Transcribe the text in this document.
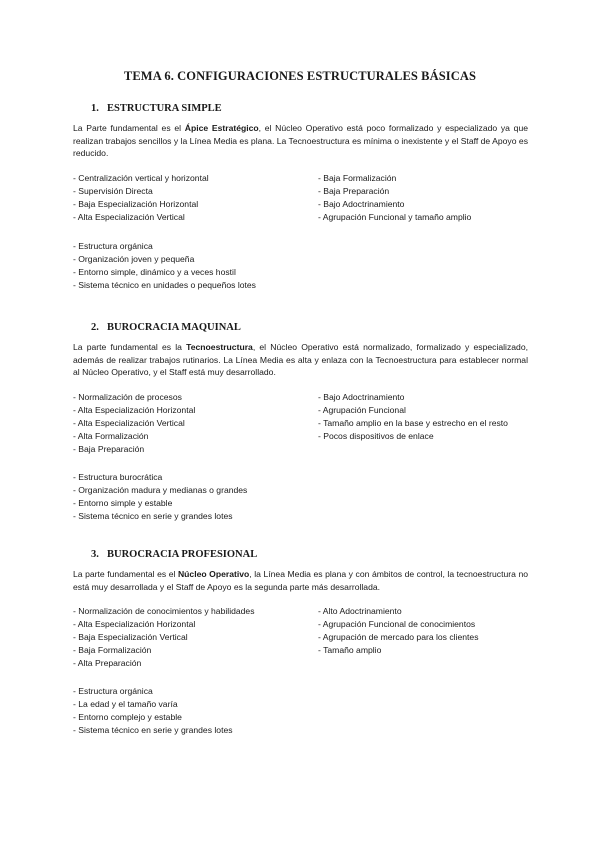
TEMA 6. CONFIGURACIONES ESTRUCTURALES BÁSICAS
1. ESTRUCTURA SIMPLE

La Parte fundamental es el Ápice Estratégico, el Núcleo Operativo está poco formalizado y especializado ya que realizan trabajos sencillos y la Línea Media es plana. La Tecnoestructura es mínima o inexistente y el Staff de Apoyo es reducido.

- Centralización vertical y horizontal
- Supervisión Directa
- Baja Especialización Horizontal
- Alta Especialización Vertical
- Baja Formalización
- Baja Preparación
- Bajo Adoctrinamiento
- Agrupación Funcional y tamaño amplio
- Estructura orgánica
- Organización joven y pequeña
- Entorno simple, dinámico y a veces hostil
- Sistema técnico en unidades o pequeños lotes
2. BUROCRACIA MAQUINAL

La parte fundamental es la Tecnoestructura, el Núcleo Operativo está normalizado, formalizado y especializado, además de realizar trabajos rutinarios. La Línea Media es alta y enlaza con la Tecnoestructura para establecer normal al Núcleo Operativo, y el Staff está muy desarrollado.

- Normalización de procesos
- Alta Especialización Horizontal
- Alta Especialización Vertical
- Alta Formalización
- Baja Preparación
- Bajo Adoctrinamiento
- Agrupación Funcional
- Tamaño amplio en la base y estrecho en el resto
- Pocos dispositivos de enlace
- Estructura burocrática
- Organización madura y medianas o grandes
- Entorno simple y estable
- Sistema técnico en serie y grandes lotes
3. BUROCRACIA PROFESIONAL

La parte fundamental es el Núcleo Operativo, la Línea Media es plana y con ámbitos de control, la tecnoestructura no está muy desarrollada y el Staff de Apoyo es la segunda parte más desarrollada.

- Normalización de conocimientos y habilidades
- Alta Especialización Horizontal
- Baja Especialización Vertical
- Baja Formalización
- Alta Preparación
- Alto Adoctrinamiento
- Agrupación Funcional de conocimientos
- Agrupación de mercado para los clientes
- Tamaño amplio
- Estructura orgánica
- La edad y el tamaño varía
- Entorno complejo y estable
- Sistema técnico en serie y grandes lotes
